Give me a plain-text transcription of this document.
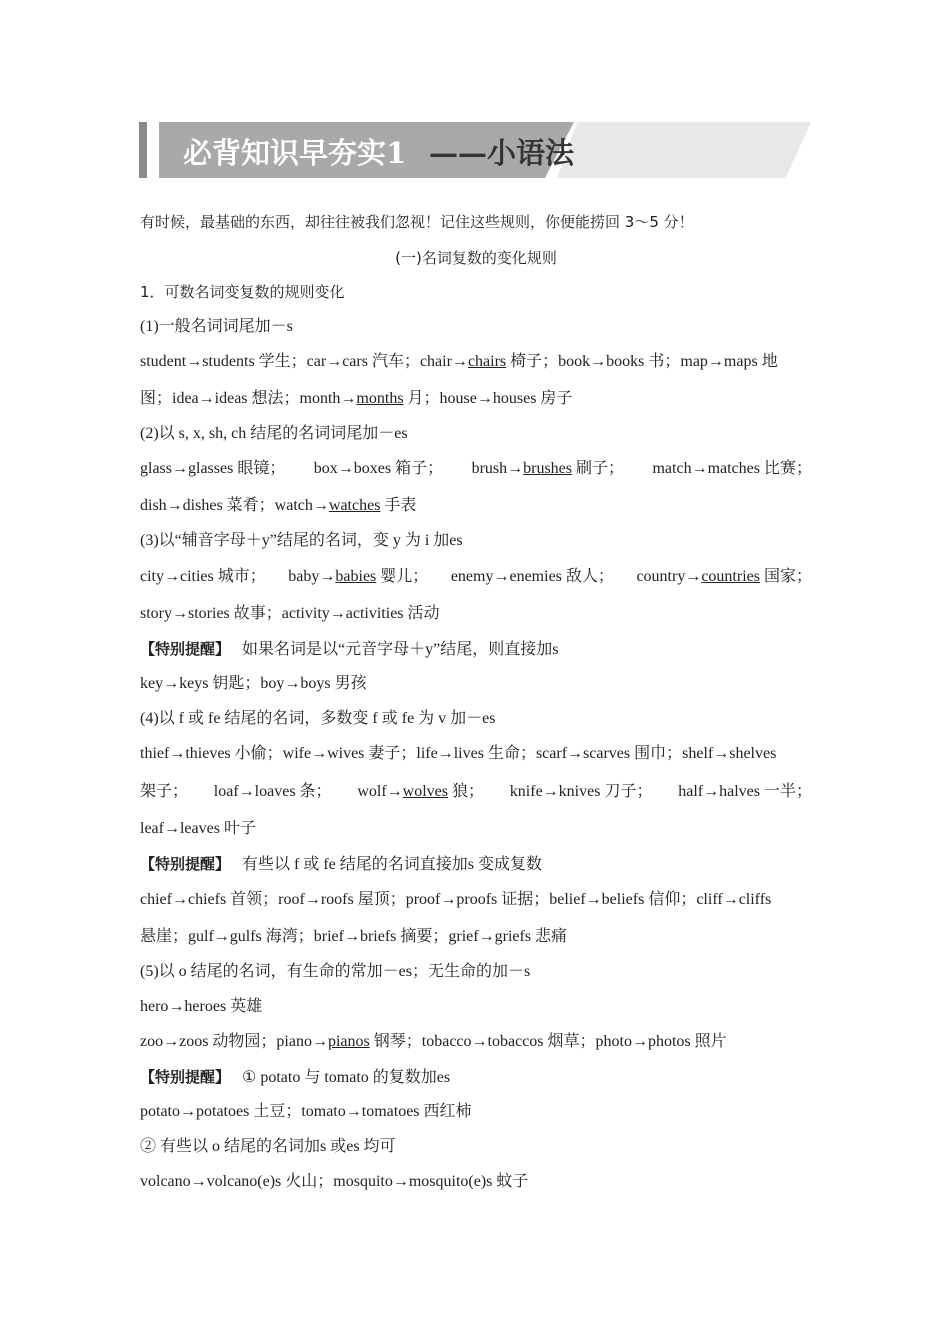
必背知识早夯实1 ——小语法
有时候，最基础的东西，却往往被我们忽视！记住这些规则，你便能捞回 3～5 分！
(一)名词复数的变化规则
1．可数名词变复数的规则变化
(1)一般名词词尾加－s
student→students 学生；car→cars 汽车；chair→chairs 椅子；book→books 书；map→maps 地
图；idea→ideas 想法；month→months 月；house→houses 房子
(2)以 s, x, sh, ch 结尾的名词词尾加－es
glass→glasses 眼镜； box→boxes 箱子； brush→brushes 刷子； match→matches 比赛；
dish→dishes 菜肴；watch→watches 手表
(3)以“辅音字母＋y”结尾的名词，变 y 为 i 加es
city→cities 城市； baby→babies 婴儿； enemy→enemies 敌人； country→countries 国家；
story→stories 故事；activity→activities 活动
【特别提醒】 如果名词是以“元音字母＋y”结尾，则直接加s
key→keys 钥匙；boy→boys 男孩
(4)以 f 或 fe 结尾的名词，多数变 f 或 fe 为 v 加－es
thief→thieves 小偷；wife→wives 妻子；life→lives 生命；scarf→scarves 围巾；shelf→shelves
架子； loaf→loaves 条； wolf→wolves 狼； knife→knives 刀子； half→halves 一半；
leaf→leaves 叶子
【特别提醒】 有些以 f 或 fe 结尾的名词直接加s 变成复数
chief→chiefs 首领；roof→roofs 屋顶；proof→proofs 证据；belief→beliefs 信仰；cliff→cliffs
悬崖；gulf→gulfs 海湾；brief→briefs 摘要；grief→griefs 悲痛
(5)以 o 结尾的名词，有生命的常加－es；无生命的加－s
hero→heroes 英雄
zoo→zoos 动物园；piano→pianos 钢琴；tobacco→tobaccos 烟草；photo→photos 照片
【特别提醒】 ① potato 与 tomato 的复数加es
potato→potatoes 土豆；tomato→tomatoes 西红柿
② 有些以 o 结尾的名词加s 或es 均可
volcano→volcano(e)s 火山；mosquito→mosquito(e)s 蚊子
